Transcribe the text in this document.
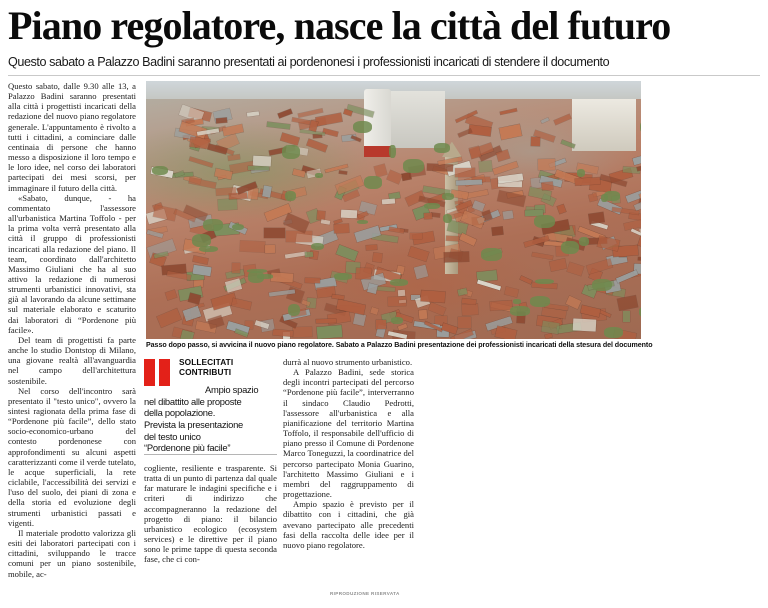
Piano regolatore, nasce la città del futuro
Questo sabato a Palazzo Badini saranno presentati ai pordenonesi i professionisti incaricati di stendere il documento

Questo sabato, dalle 9.30 alle 13, a Palazzo Badini saranno presentati alla città i progettisti incaricati della redazione del nuovo piano regolatore generale. L'appuntamento è rivolto a tutti i cittadini, a cominciare dalle centinaia di persone che hanno messo a disposizione il loro tempo e le loro idee, nel corso dei laboratori partecipati dei mesi scorsi, per immaginare il futuro della città.

«Sabato, dunque, - ha commentato l'assessore all'urbanistica Martina Toffolo - per la prima volta verrà presentato alla città il gruppo di professionisti incaricati alla redazione del piano. Il team, coordinato dall'architetto Massimo Giuliani che ha al suo attivo la redazione di numerosi strumenti urbanistici innovativi, sta già al lavorando da alcune settimane sul materiale elaborato e scaturito dai laboratori di “Pordenone più facile».

Del team di progettisti fa parte anche lo studio Dontstop di Milano, una giovane realtà all'avanguardia nel campo dell'architettura sostenibile.

Nel corso dell'incontro sarà presentato il "testo unico", ovvero la sintesi ragionata della prima fase di “Pordenone più facile”, dello stato socio-economico-urbano del contesto pordenonese con approfondimenti su alcuni aspetti caratterizzanti come il verde tutelato, le acque superficiali, la rete ciclabile, l'accessibilità dei servizi e l'uso del suolo, dei piani di zona e della storia ed evoluzione degli strumenti urbanistici passati e vigenti.

Il materiale prodotto valorizza gli esiti dei laboratori partecipati con i cittadini, sviluppando le tracce comuni per un piano sostenibile, mobile, ac-

Passo dopo passo, si avvicina il nuovo piano regolatore. Sabato a Palazzo Badini presentazione dei professionisti incaricati della stesura del documento
SOLLECITATI
CONTRIBUTI
Ampio spazio
nel dibattito alle proposte
della popolazione.
Prevista la presentazione
del testo unico
“Pordenone più facile”

cogliente, resiliente e trasparente. Si tratta di un punto di partenza dal quale far maturare le indagini specifiche e i criteri di indirizzo che accompagneranno la redazione del progetto di piano: il bilancio urbanistico ecologico (ecosystem services) e le direttive per il piano sono le prime tappe di questa seconda fase, che ci con-

durrà al nuovo strumento urbanistico.

A Palazzo Badini, sede storica degli incontri partecipati del percorso “Pordenone più facile”, interverranno il sindaco Claudio Pedrotti, l'assessore all'urbanistica e alla pianificazione del territorio Martina Toffolo, il responsabile dell'ufficio di piano presso il Comune di Pordenone Marco Toneguzzi, la coordinatrice del percorso partecipato Monia Guarino, l'architetto Massimo Giuliani e i membri del raggruppamento di progettazione.

Ampio spazio è previsto per il dibattito con i cittadini, che già avevano partecipato alle precedenti fasi della raccolta delle idee per il nuovo piano regolatore.

RIPRODUZIONE RISERVATA
